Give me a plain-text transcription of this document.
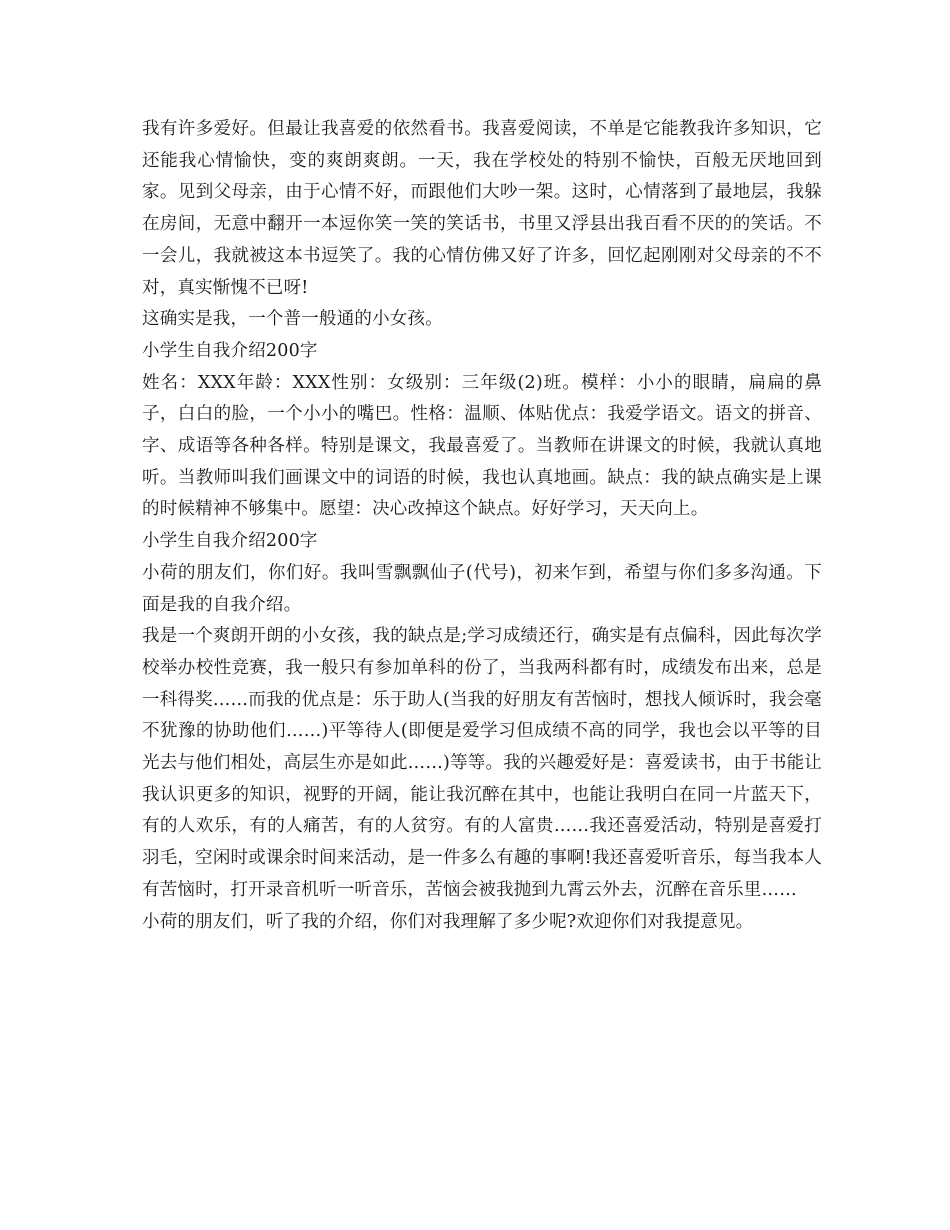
我有许多爱好。但最让我喜爱的依然看书。我喜爱阅读，不单是它能教我许多知识，它还能我心情愉快，变的爽朗爽朗。一天，我在学校处的特别不愉快，百般无厌地回到家。见到父母亲，由于心情不好，而跟他们大吵一架。这时，心情落到了最地层，我躲在房间，无意中翻开一本逗你笑一笑的笑话书，书里又浮县出我百看不厌的的笑话。不一会儿，我就被这本书逗笑了。我的心情仿佛又好了许多，回忆起刚刚对父母亲的不不对，真实惭愧不已呀!

这确实是我，一个普一般通的小女孩。

小学生自我介绍200字

姓名：XXX年龄：XXX性别：女级别：三年级(2)班。模样：小小的眼睛，扁扁的鼻子，白白的脸，一个小小的嘴巴。性格：温顺、体贴优点：我爱学语文。语文的拼音、字、成语等各种各样。特别是课文，我最喜爱了。当教师在讲课文的时候，我就认真地听。当教师叫我们画课文中的词语的时候，我也认真地画。缺点：我的缺点确实是上课的时候精神不够集中。愿望：决心改掉这个缺点。好好学习，天天向上。

小学生自我介绍200字

小荷的朋友们，你们好。我叫雪飘飘仙子(代号)，初来乍到，希望与你们多多沟通。下面是我的自我介绍。

我是一个爽朗开朗的小女孩，我的缺点是;学习成绩还行，确实是有点偏科，因此每次学校举办校性竞赛，我一般只有参加单科的份了，当我两科都有时，成绩发布出来，总是一科得奖……而我的优点是：乐于助人(当我的好朋友有苦恼时，想找人倾诉时，我会毫不犹豫的协助他们……)平等待人(即便是爱学习但成绩不高的同学，我也会以平等的目光去与他们相处，高层生亦是如此……)等等。我的兴趣爱好是：喜爱读书，由于书能让我认识更多的知识，视野的开阔，能让我沉醉在其中，也能让我明白在同一片蓝天下，有的人欢乐，有的人痛苦，有的人贫穷。有的人富贵……我还喜爱活动，特别是喜爱打羽毛，空闲时或课余时间来活动，是一件多么有趣的事啊!我还喜爱听音乐，每当我本人有苦恼时，打开录音机听一听音乐，苦恼会被我抛到九霄云外去，沉醉在音乐里……

小荷的朋友们，听了我的介绍，你们对我理解了多少呢?欢迎你们对我提意见。
